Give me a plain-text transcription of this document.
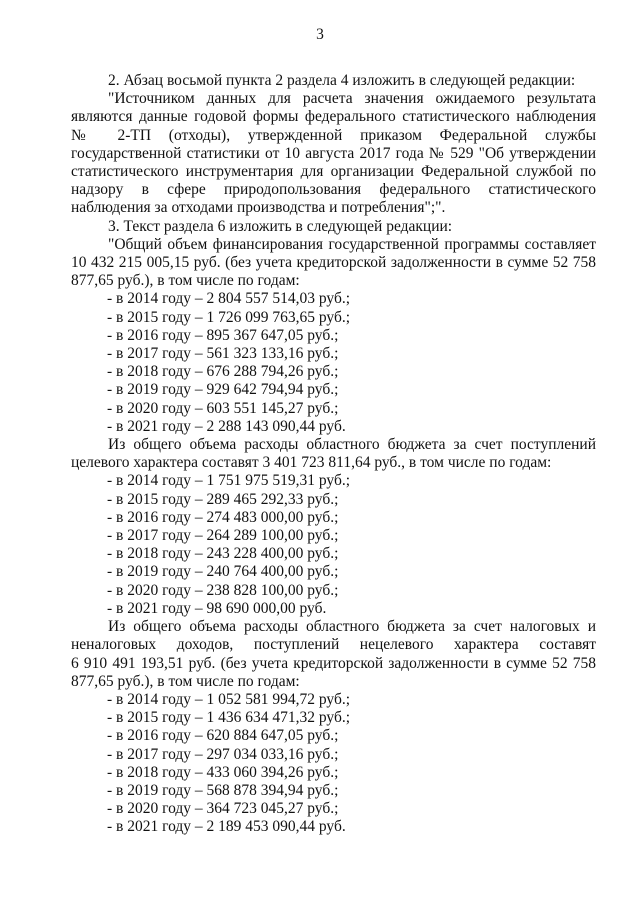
3

2. Абзац восьмой пункта 2 раздела 4 изложить в следующей редакции:

"Источником данных для расчета значения ожидаемого результата являются данные годовой формы федерального статистического наблюдения № 2-ТП (отходы), утвержденной приказом Федеральной службы государственной статистики от 10 августа 2017 года № 529 "Об утверждении статистического инструментария для организации Федеральной службой по надзору в сфере природопользования федерального статистического наблюдения за отходами производства и потребления";".

3. Текст раздела 6 изложить в следующей редакции:

"Общий объем финансирования государственной программы составляет 10 432 215 005,15 руб. (без учета кредиторской задолженности в сумме 52 758 877,65 руб.), в том числе по годам:

- в 2014 году – 2 804 557 514,03 руб.;

- в 2015 году – 1 726 099 763,65 руб.;

- в 2016 году – 895 367 647,05 руб.;

- в 2017 году – 561 323 133,16 руб.;

- в 2018 году – 676 288 794,26 руб.;

- в 2019 году – 929 642 794,94 руб.;

- в 2020 году – 603 551 145,27 руб.;

- в 2021 году – 2 288 143 090,44 руб.

Из общего объема расходы областного бюджета за счет поступлений целевого характера составят 3 401 723 811,64 руб., в том числе по годам:

- в 2014 году – 1 751 975 519,31 руб.;

- в 2015 году – 289 465 292,33 руб.;

- в 2016 году – 274 483 000,00 руб.;

- в 2017 году – 264 289 100,00 руб.;

- в 2018 году – 243 228 400,00 руб.;

- в 2019 году – 240 764 400,00 руб.;

- в 2020 году – 238 828 100,00 руб.;

- в 2021 году – 98 690 000,00 руб.

Из общего объема расходы областного бюджета за счет налоговых и

неналоговых доходов, поступлений нецелевого характера составят

6 910 491 193,51 руб. (без учета кредиторской задолженности в сумме 52 758 877,65 руб.), в том числе по годам:

- в 2014 году – 1 052 581 994,72 руб.;

- в 2015 году – 1 436 634 471,32 руб.;

- в 2016 году – 620 884 647,05 руб.;

- в 2017 году – 297 034 033,16 руб.;

- в 2018 году – 433 060 394,26 руб.;

- в 2019 году – 568 878 394,94 руб.;

- в 2020 году – 364 723 045,27 руб.;

- в 2021 году – 2 189 453 090,44 руб.
